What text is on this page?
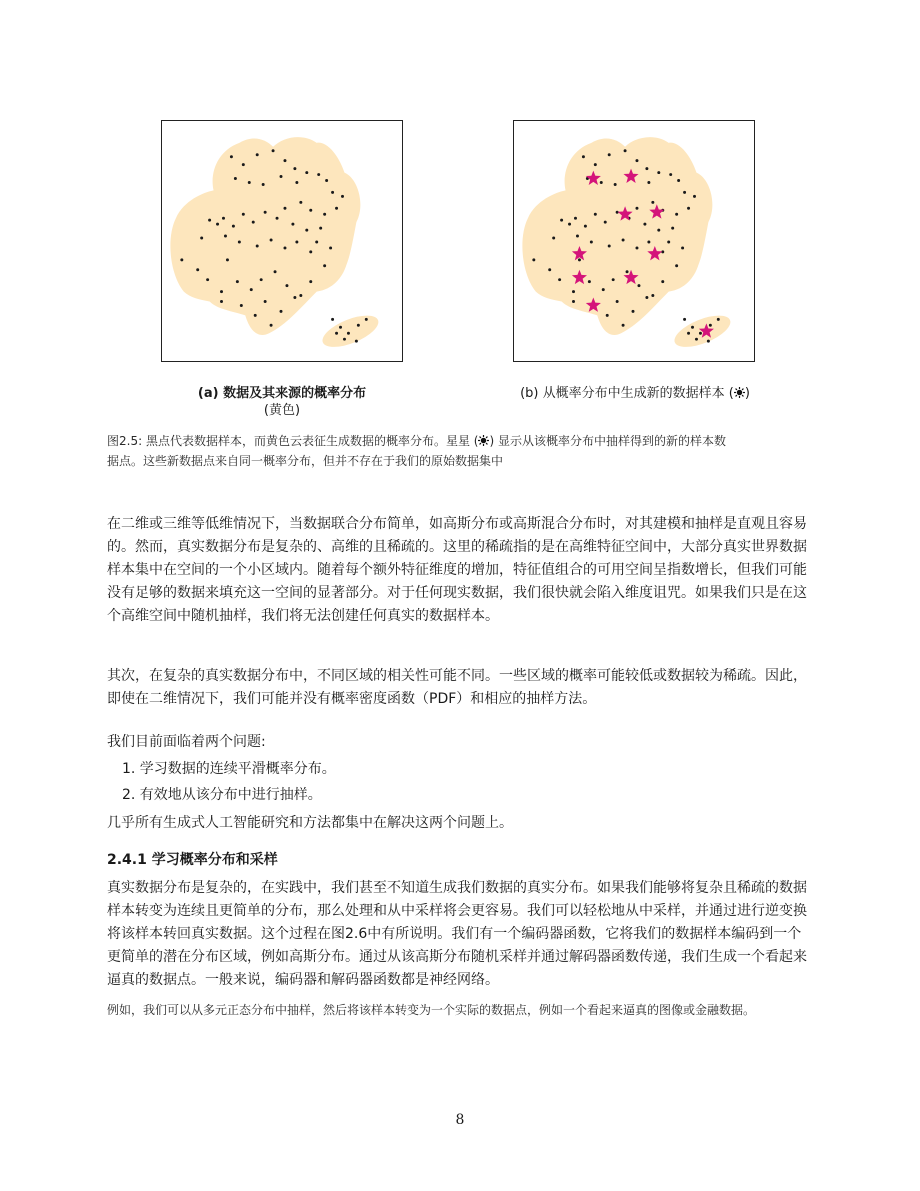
(a) 数据及其来源的概率分布
(黄色)
(b) 从概率分布中生成新的数据样本 ( )
图2.5: 黑点代表数据样本，而黄色云表征生成数据的概率分布。星星 ( ) 显示从该概率分布中抽样得到的新的样本数
据点。这些新数据点来自同一概率分布，但并不存在于我们的原始数据集中

在二维或三维等低维情况下，当数据联合分布简单，如高斯分布或高斯混合分布时，对其建模和抽样是直观且容易的。然而，真实数据分布是复杂的、高维的且稀疏的。这里的稀疏指的是在高维特征空间中，大部分真实世界数据样本集中在空间的一个小区域内。随着每个额外特征维度的增加，特征值组合的可用空间呈指数增长，但我们可能没有足够的数据来填充这一空间的显著部分。对于任何现实数据，我们很快就会陷入维度诅咒。如果我们只是在这个高维空间中随机抽样，我们将无法创建任何真实的数据样本。

其次，在复杂的真实数据分布中，不同区域的相关性可能不同。一些区域的概率可能较低或数据较为稀疏。因此，即使在二维情况下，我们可能并没有概率密度函数（PDF）和相应的抽样方法。

我们目前面临着两个问题:

1. 学习数据的连续平滑概率分布。
2. 有效地从该分布中进行抽样。

几乎所有生成式人工智能研究和方法都集中在解决这两个问题上。

2.4.1 学习概率分布和采样

真实数据分布是复杂的，在实践中，我们甚至不知道生成我们数据的真实分布。如果我们能够将复杂且稀疏的数据样本转变为连续且更简单的分布，那么处理和从中采样将会更容易。我们可以轻松地从中采样，并通过进行逆变换将该样本转回真实数据。这个过程在图2.6中有所说明。我们有一个编码器函数，它将我们的数据样本编码到一个更简单的潜在分布区域，例如高斯分布。通过从该高斯分布随机采样并通过解码器函数传递，我们生成一个看起来逼真的数据点。一般来说，编码器和解码器函数都是神经网络。

例如，我们可以从多元正态分布中抽样，然后将该样本转变为一个实际的数据点，例如一个看起来逼真的图像或金融数据。
8
